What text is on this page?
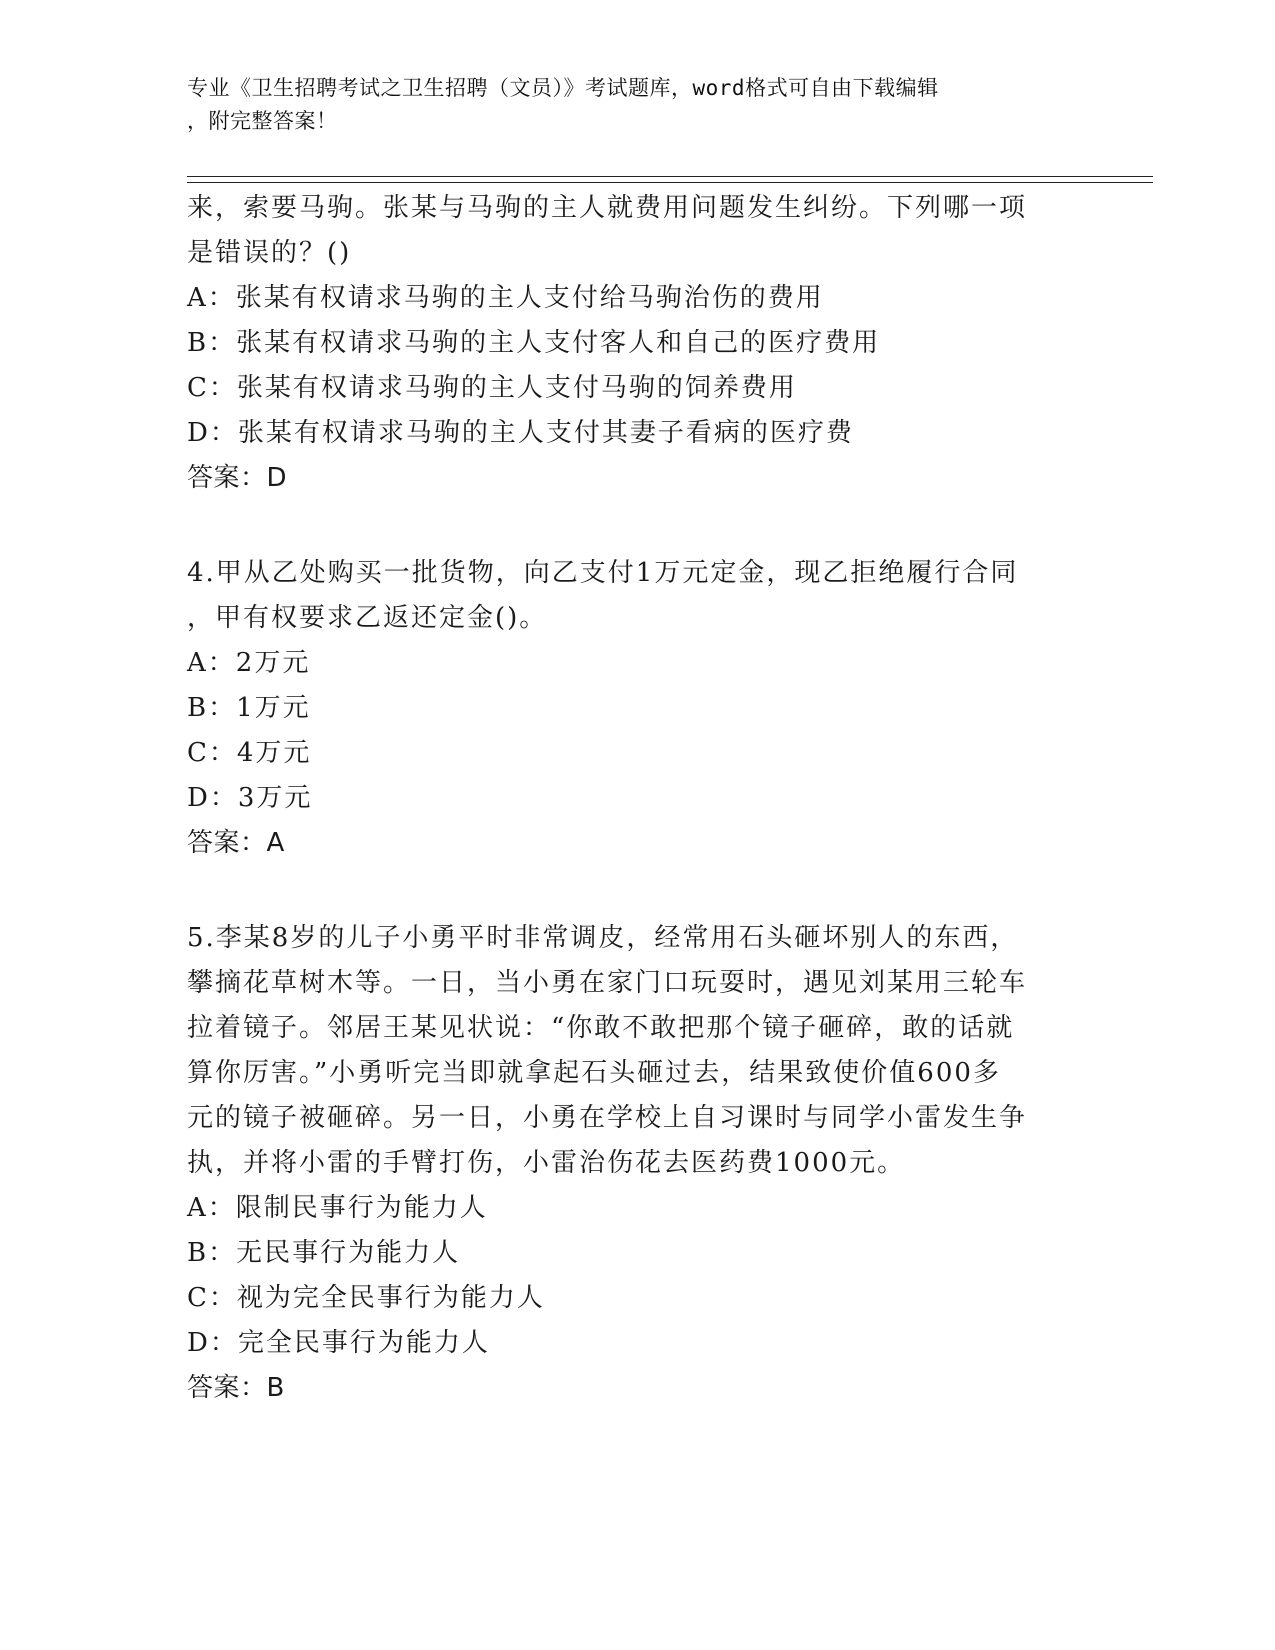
专业《卫生招聘考试之卫生招聘（文员）》考试题库，word格式可自由下载编辑
，附完整答案！
来，索要马驹。张某与马驹的主人就费用问题发生纠纷。下列哪一项
是错误的？()
A：张某有权请求马驹的主人支付给马驹治伤的费用
B：张某有权请求马驹的主人支付客人和自己的医疗费用
C：张某有权请求马驹的主人支付马驹的饲养费用
D：张某有权请求马驹的主人支付其妻子看病的医疗费
答案：D
4.甲从乙处购买一批货物，向乙支付1万元定金，现乙拒绝履行合同
，甲有权要求乙返还定金()。
A：2万元
B：1万元
C：4万元
D：3万元
答案：A
5.李某8岁的儿子小勇平时非常调皮，经常用石头砸坏别人的东西，
攀摘花草树木等。一日，当小勇在家门口玩耍时，遇见刘某用三轮车
拉着镜子。邻居王某见状说：“你敢不敢把那个镜子砸碎，敢的话就
算你厉害。”小勇听完当即就拿起石头砸过去，结果致使价值600多
元的镜子被砸碎。另一日，小勇在学校上自习课时与同学小雷发生争
执，并将小雷的手臂打伤，小雷治伤花去医药费1000元。
A：限制民事行为能力人
B：无民事行为能力人
C：视为完全民事行为能力人
D：完全民事行为能力人
答案：B
